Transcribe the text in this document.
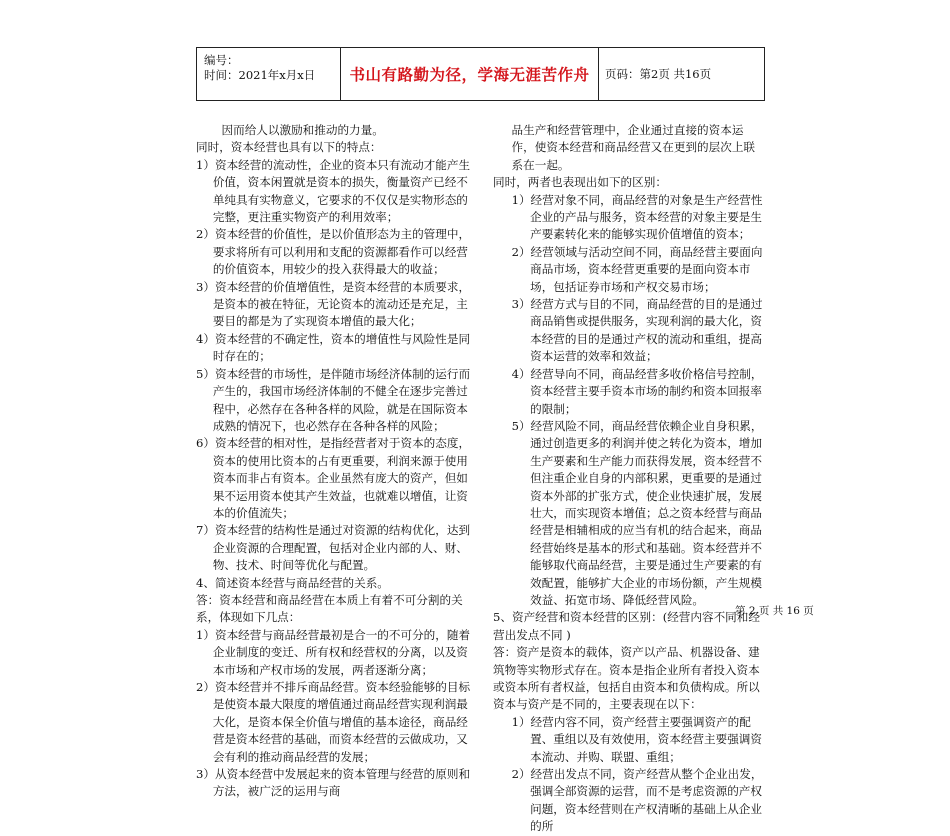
编号：
时间：2021年x月x日	书山有路勤为径，学海无涯苦作舟	页码：第2页 共16页

因而给人以激励和推动的力量。

同时，资本经营也具有以下的特点：

1）资本经营的流动性，企业的资本只有流动才能产生价值，资本闲置就是资本的损失，衡量资产已经不单纯具有实物意义，它要求的不仅仅是实物形态的完整，更注重实物资产的利用效率；

2）资本经营的价值性，是以价值形态为主的管理中，要求将所有可以利用和支配的资源都看作可以经营的价值资本，用较少的投入获得最大的收益；

3）资本经营的价值增值性，是资本经营的本质要求，是资本的被在特征，无论资本的流动还是充足，主要目的都是为了实现资本增值的最大化；

4）资本经营的不确定性，资本的增值性与风险性是同时存在的；

5）资本经营的市场性，是伴随市场经济体制的运行而产生的，我国市场经济体制的不健全在逐步完善过程中，必然存在各种各样的风险，就是在国际资本成熟的情况下，也必然存在各种各样的风险；

6）资本经营的相对性，是指经营者对于资本的态度，资本的使用比资本的占有更重要，利润来源于使用资本而非占有资本。企业虽然有庞大的资产，但如果不运用资本使其产生效益，也就难以增值，让资本的价值流失；

7）资本经营的结构性是通过对资源的结构优化，达到企业资源的合理配置，包括对企业内部的人、财、物、技术、时间等优化与配置。

4、简述资本经营与商品经营的关系。

答：资本经营和商品经营在本质上有着不可分割的关系，体现如下几点：

1）资本经营与商品经营最初是合一的不可分的，随着企业制度的变迁、所有权和经营权的分离，以及资本市场和产权市场的发展，两者逐渐分离；

2）资本经营并不排斥商品经营。资本经验能够的目标是使资本最大限度的增值通过商品经营实现利润最大化，是资本保全价值与增值的基本途径，商品经营是资本经营的基础，而资本经营的云做成功，又会有利的推动商品经营的发展；

3）从资本经营中发展起来的资本管理与经营的原则和方法，被广泛的运用与商

品生产和经营管理中，企业通过直接的资本运作，使资本经营和商品经营又在更到的层次上联系在一起。

同时，两者也表现出如下的区别：

1）经营对象不同，商品经营的对象是生产经营性企业的产品与服务，资本经营的对象主要是生产要素转化来的能够实现价值增值的资本；

2）经营领域与活动空间不同，商品经营主要面向商品市场，资本经营更重要的是面向资本市场，包括证券市场和产权交易市场；

3）经营方式与目的不同，商品经营的目的是通过商品销售或提供服务，实现利润的最大化，资本经营的目的是通过产权的流动和重组，提高资本运营的效率和效益；

4）经营导向不同，商品经营多收价格信号控制，资本经营主要手资本市场的制约和资本回报率的限制；

5）经营风险不同，商品经营依赖企业自身积累，通过创造更多的利润并使之转化为资本，增加生产要素和生产能力而获得发展，资本经营不但注重企业自身的内部积累，更重要的是通过资本外部的扩张方式，使企业快速扩展，发展壮大，而实现资本增值；总之资本经营与商品经营是相辅相成的应当有机的结合起来，商品经营始终是基本的形式和基础。资本经营并不能够取代商品经营，主要是通过生产要素的有效配置，能够扩大企业的市场份额，产生规模效益、拓宽市场、降低经营风险。

5、资产经营和资本经营的区别：(经营内容不同和经营出发点不同 )

答：资产是资本的载体，资产以产品、机器设备、建筑物等实物形式存在。资本是指企业所有者投入资本或资本所有者权益，包括自由资本和负债构成。所以资本与资产是不同的，主要表现在以下：

1）经营内容不同，资产经营主要强调资产的配置、重组以及有效使用，资本经营主要强调资本流动、并购、联盟、重组；

2）经营出发点不同，资产经营从整个企业出发，强调全部资源的运营，而不是考虑资源的产权问题，资本经营则在产权清晰的基础上从企业的所

第 2 页 共 16 页
